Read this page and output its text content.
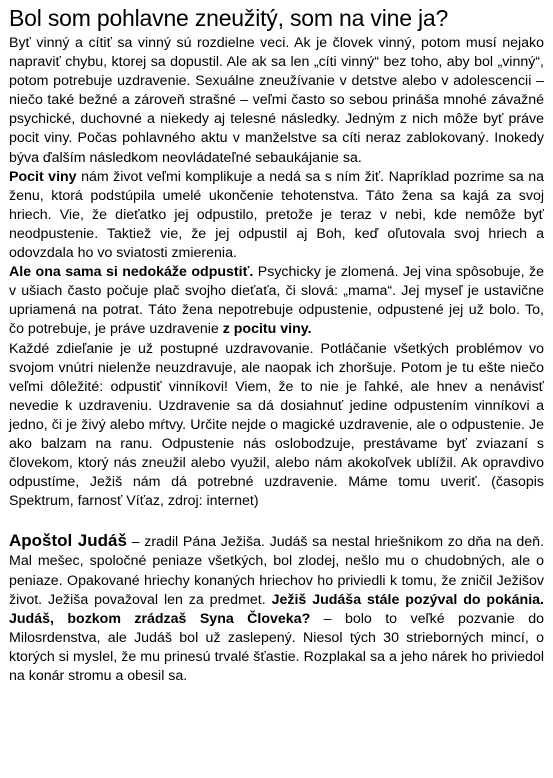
Bol som pohlavne zneužitý, som na vine ja?

Byť vinný a cítiť sa vinný sú rozdielne veci. Ak je človek vinný, potom musí nejako napraviť chybu, ktorej sa dopustil. Ale ak sa len „cíti vinný“ bez toho, aby bol „vinný“, potom potrebuje uzdravenie. Sexuálne zneužívanie v detstve alebo v adolescencii – niečo také bežné a zároveň strašné – veľmi často so sebou prináša mnohé závažné psychické, duchovné a niekedy aj telesné následky. Jedným z nich môže byť práve pocit viny. Počas pohlavného aktu v manželstve sa cíti neraz zablokovaný. Inokedy býva ďalším následkom neovládateľné sebaukájanie sa.

Pocit viny nám život veľmi komplikuje a nedá sa s ním žiť. Napríklad pozrime sa na ženu, ktorá podstúpila umelé ukončenie tehotenstva. Táto žena sa kajá za svoj hriech. Vie, že dieťatko jej odpustilo, pretože je teraz v nebi, kde nemôže byť neodpustenie. Taktiež vie, že jej odpustil aj Boh, keď oľutovala svoj hriech a odovzdala ho vo sviatosti zmierenia.

Ale ona sama si nedokáže odpustiť. Psychicky je zlomená. Jej vina spôsobuje, že v ušiach často počuje plač svojho dieťaťa, či slová: „mama“. Jej myseľ je ustavične upriamená na potrat. Táto žena nepotrebuje odpustenie, odpustené jej už bolo. To, čo potrebuje, je práve uzdravenie z pocitu viny.

Každé zdieľanie je už postupné uzdravovanie. Potláčanie všetkých problémov vo svojom vnútri nielenže neuzdravuje, ale naopak ich zhoršuje. Potom je tu ešte niečo veľmi dôležité: odpustiť vinníkovi! Viem, že to nie je ľahké, ale hnev a nenávisť nevedie k uzdraveniu. Uzdravenie sa dá dosiahnuť jedine odpustením vinníkovi a jedno, či je živý alebo mŕtvy. Určite nejde o magické uzdravenie, ale o odpustenie. Je ako balzam na ranu. Odpustenie nás oslobodzuje, prestávame byť zviazaní s človekom, ktorý nás zneužil alebo využil, alebo nám akokoľvek ublížil. Ak opravdivo odpustíme, Ježiš nám dá potrebné uzdravenie. Máme tomu uveriť. (časopis Spektrum, farnosť Víťaz, zdroj: internet)

Apoštol Judáš – zradil Pána Ježiša. Judáš sa nestal hriešnikom zo dňa na deň. Mal mešec, spoločné peniaze všetkých, bol zlodej, nešlo mu o chudobných, ale o peniaze. Opakované hriechy konaných hriechov ho priviedli k tomu, že zničil Ježišov život. Ježiša považoval len za predmet. Ježiš Judáša stále pozýval do pokánia. Judáš, bozkom zrádzaš Syna Človeka? – bolo to veľké pozvanie do Milosrdenstva, ale Judáš bol už zaslepený. Niesol tých 30 strieborných mincí, o ktorých si myslel, že mu prinesú trvalé šťastie. Rozplakal sa a jeho nárek ho priviedol na konár stromu a obesil sa.
